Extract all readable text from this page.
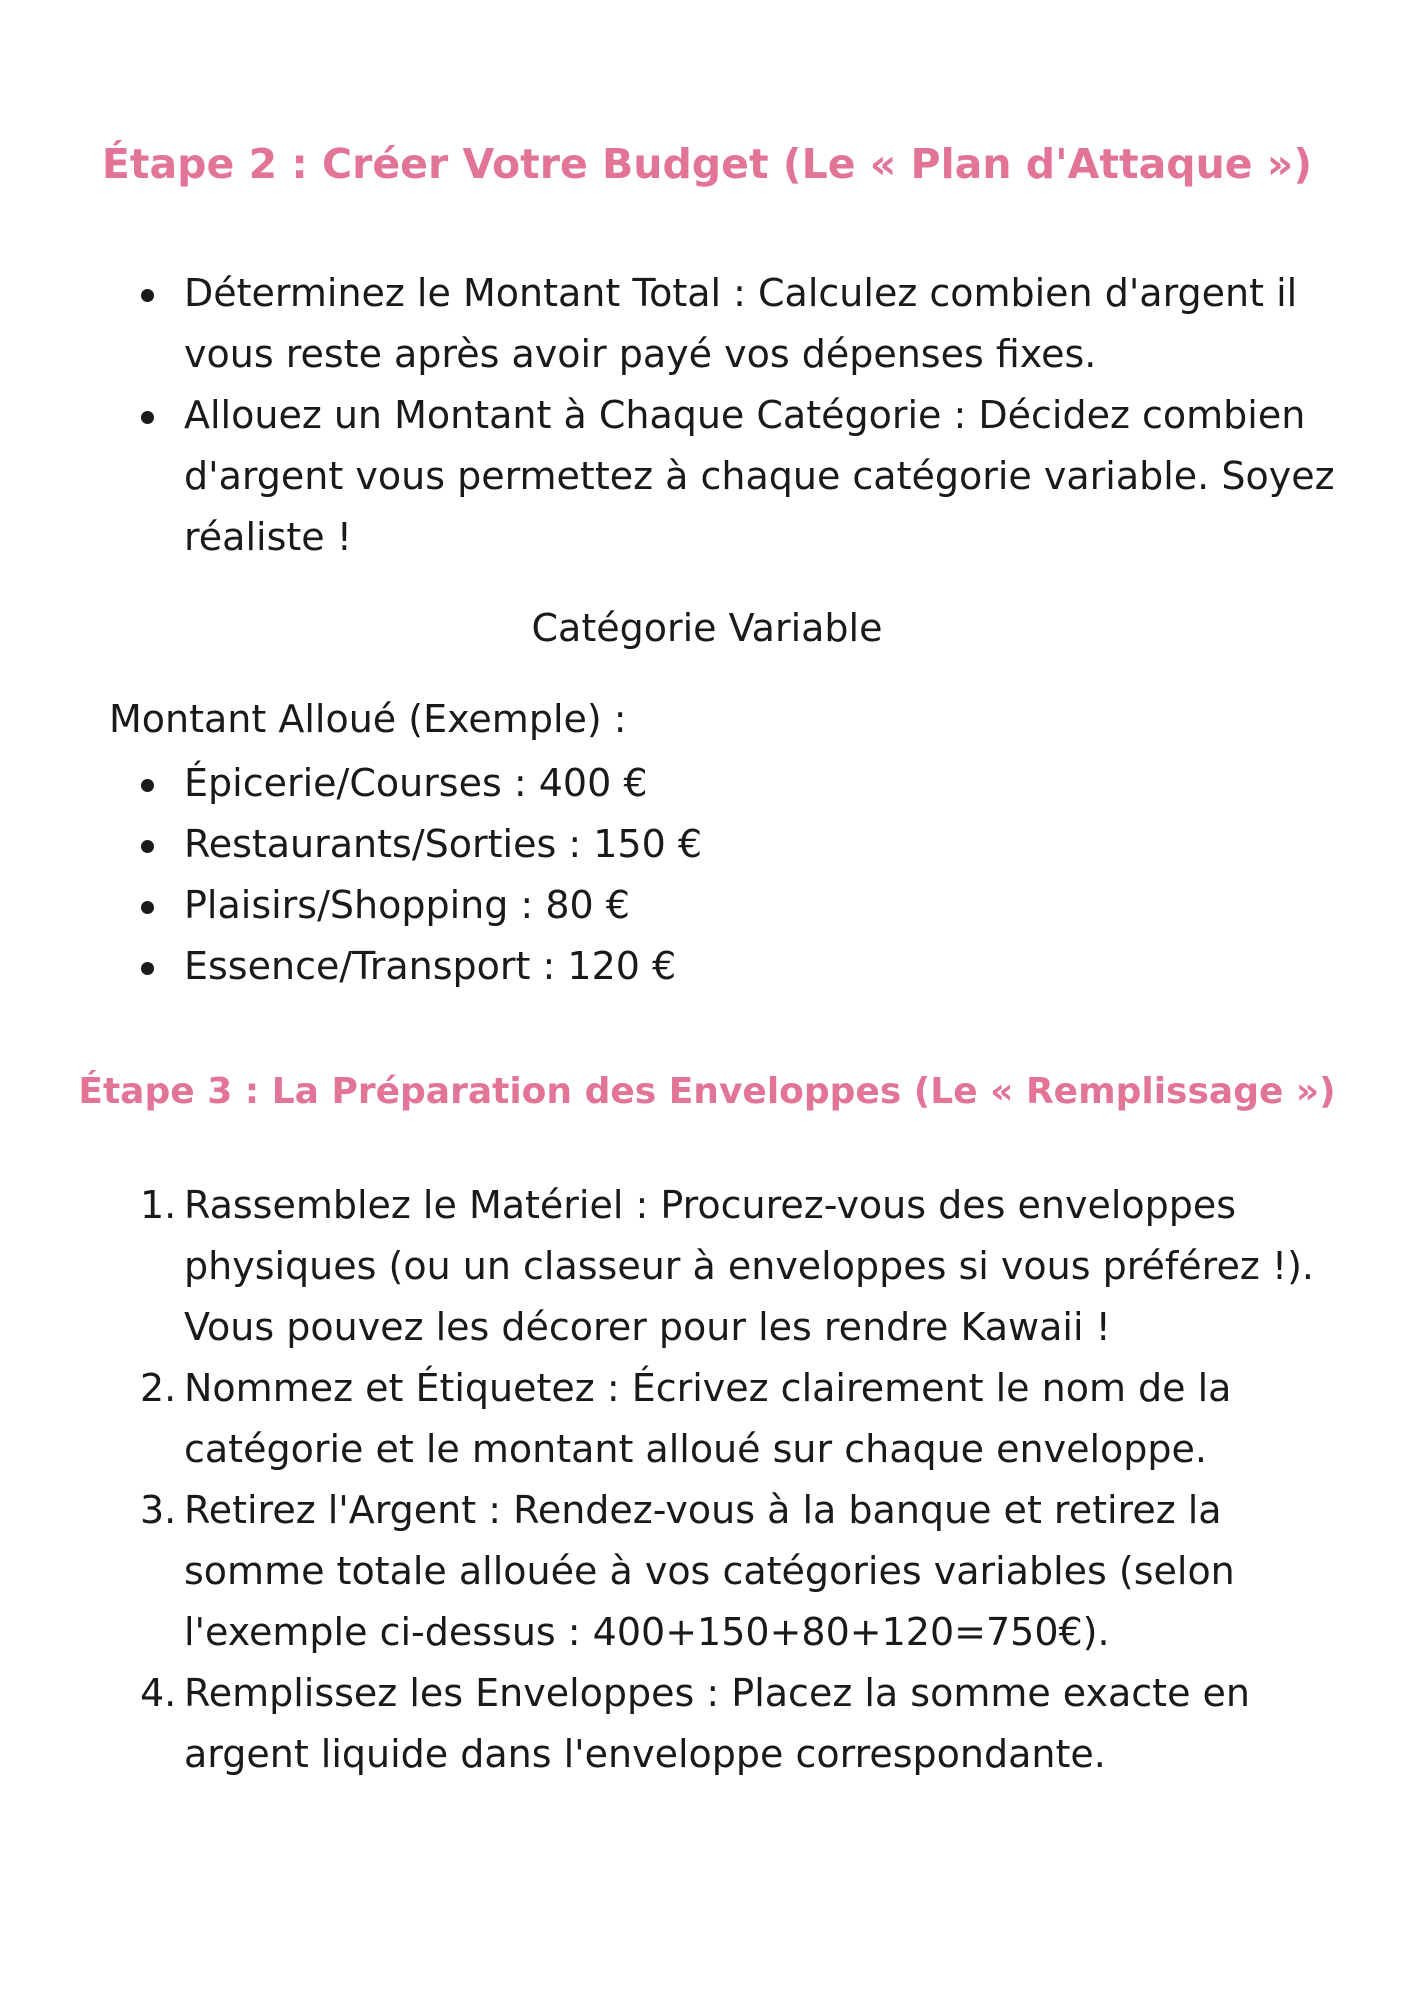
Étape 2 : Créer Votre Budget (Le « Plan d'Attaque »)
Déterminez le Montant Total : Calculez combien d'argent il vous reste après avoir payé vos dépenses fixes.
Allouez un Montant à Chaque Catégorie : Décidez combien d'argent vous permettez à chaque catégorie variable. Soyez réaliste !

Catégorie Variable

Montant Alloué (Exemple) :

Épicerie/Courses : 400 €
Restaurants/Sorties : 150 €
Plaisirs/Shopping : 80 €
Essence/Transport : 120 €
Étape 3 : La Préparation des Enveloppes (Le « Remplissage »)
1. Rassemblez le Matériel : Procurez-vous des enveloppes physiques (ou un classeur à enveloppes si vous préférez !). Vous pouvez les décorer pour les rendre Kawaii !
2. Nommez et Étiquetez : Écrivez clairement le nom de la catégorie et le montant alloué sur chaque enveloppe.
3. Retirez l'Argent : Rendez-vous à la banque et retirez la somme totale allouée à vos catégories variables (selon l'exemple ci-dessus : 400+150+80+120=750€).
4. Remplissez les Enveloppes : Placez la somme exacte en argent liquide dans l'enveloppe correspondante.
